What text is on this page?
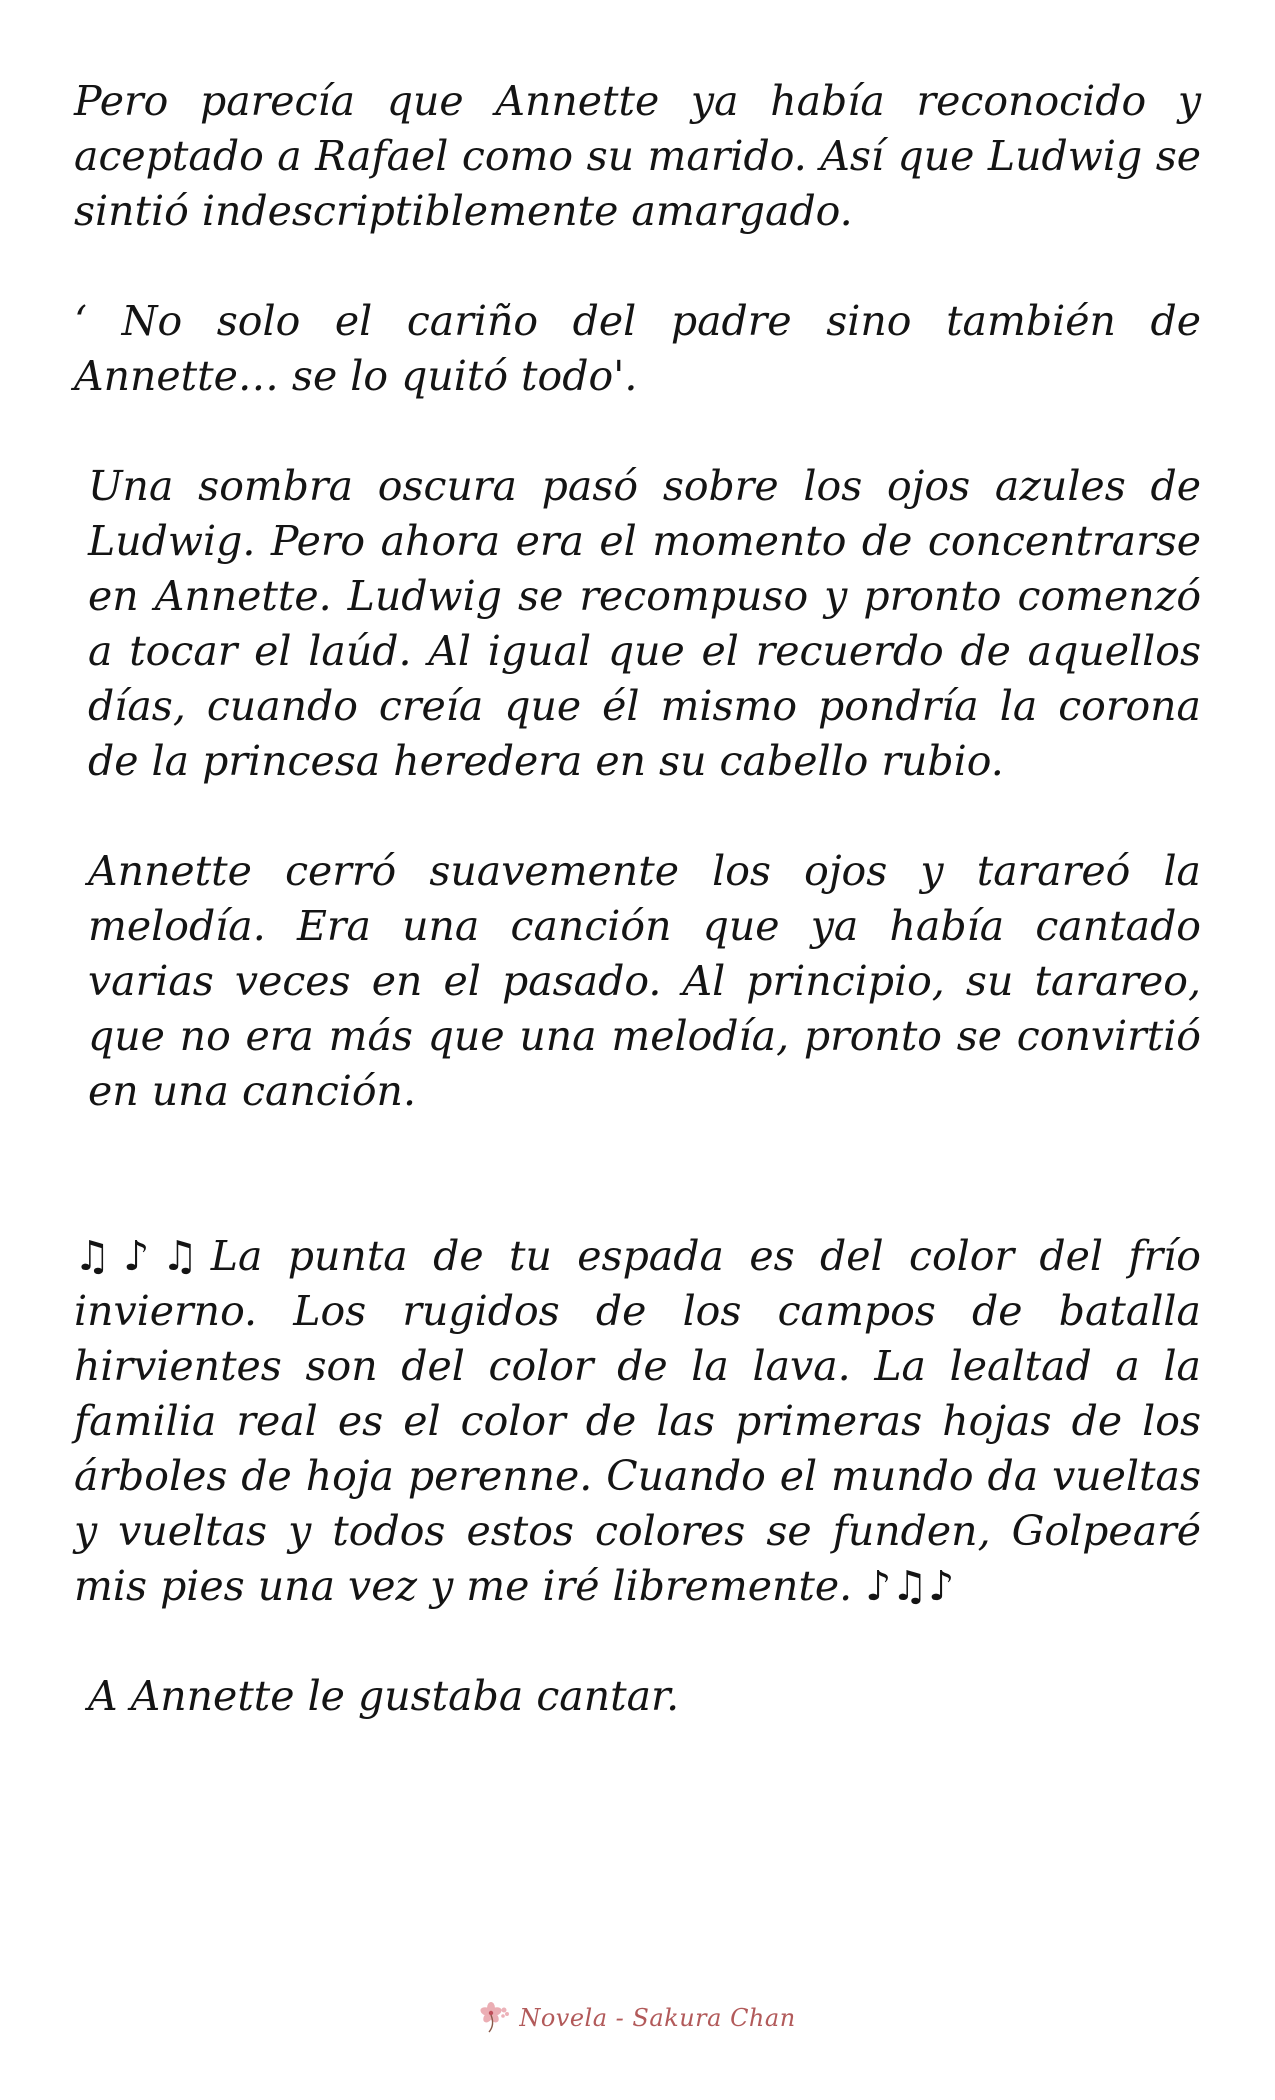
Pero parecía que Annette ya había reconocido y aceptado a Rafael como su marido. Así que Ludwig se sintió indescriptiblemente amargado.

‘ No solo el cariño del padre sino también de Annette… se lo quitó todo'.

Una sombra oscura pasó sobre los ojos azules de Ludwig. Pero ahora era el momento de concentrarse en Annette. Ludwig se recompuso y pronto comenzó a tocar el laúd. Al igual que el recuerdo de aquellos días, cuando creía que él mismo pondría la corona de la princesa heredera en su cabello rubio.

Annette cerró suavemente los ojos y tarareó la melodía. Era una canción que ya había cantado varias veces en el pasado. Al principio, su tarareo, que no era más que una melodía, pronto se convirtió en una canción.

♫♪♫La punta de tu espada es del color del frío invierno. Los rugidos de los campos de batalla hirvientes son del color de la lava. La lealtad a la familia real es el color de las primeras hojas de los árboles de hoja perenne. Cuando el mundo da vueltas y vueltas y todos estos colores se funden, Golpearé mis pies una vez y me iré libremente. ♪♫♪

A Annette le gustaba cantar.

Novela - Sakura Chan
